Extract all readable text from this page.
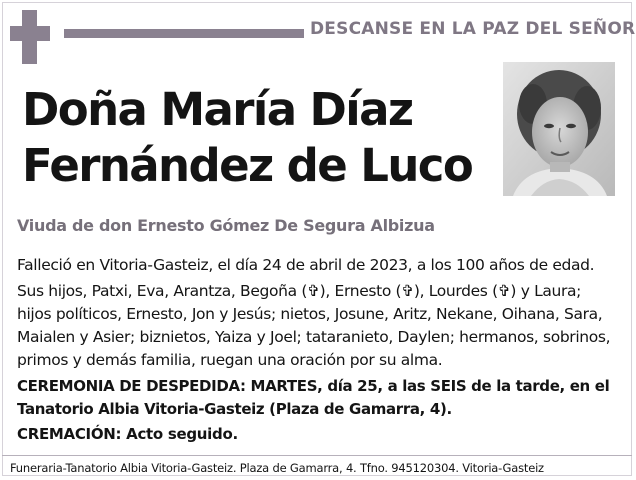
DESCANSE EN LA PAZ DEL SEÑOR
Doña María Díaz
Fernández de Luco
Viuda de don Ernesto Gómez De Segura Albizua
Falleció en Vitoria-Gasteiz, el día 24 de abril de 2023, a los 100 años de edad.
Sus hijos, Patxi, Eva, Arantza, Begoña (✞), Ernesto (✞), Lourdes (✞) y Laura;
hijos políticos, Ernesto, Jon y Jesús; nietos, Josune, Aritz, Nekane, Oihana, Sara,
Maialen y Asier; biznietos, Yaiza y Joel; tataranieto, Daylen; hermanos, sobrinos,
primos y demás familia, ruegan una oración por su alma.
CEREMONIA DE DESPEDIDA: MARTES, día 25, a las SEIS de la tarde, en el
Tanatorio Albia Vitoria-Gasteiz (Plaza de Gamarra, 4).
CREMACIÓN: Acto seguido.
Funeraria-Tanatorio Albia Vitoria-Gasteiz. Plaza de Gamarra, 4. Tfno. 945120304. Vitoria-Gasteiz
